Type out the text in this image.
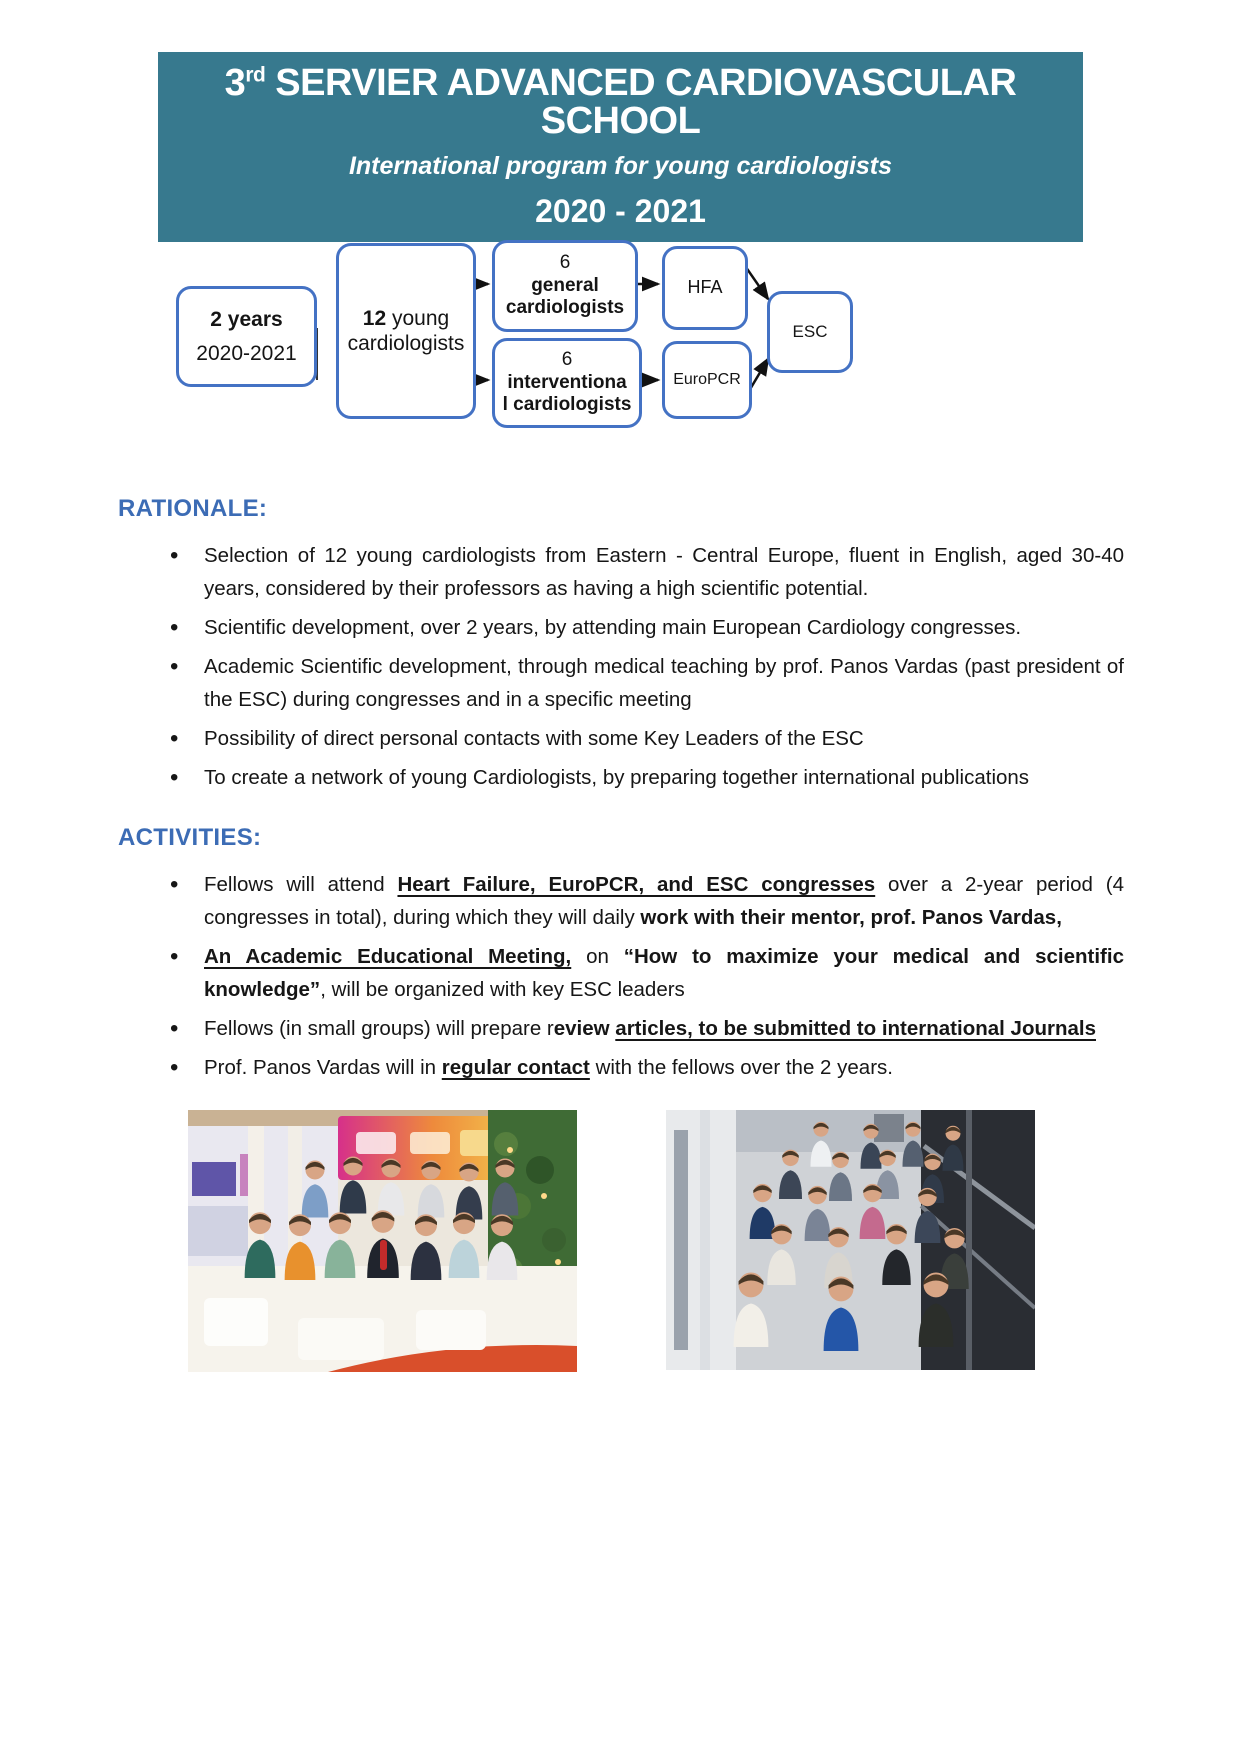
3rd SERVIER ADVANCED CARDIOVASCULAR SCHOOL
International program for young cardiologists
2020 - 2021
2 years
2020-2021
12 young
cardiologists
6
general
cardiologists
HFA
6
interventiona
l cardiologists
EuroPCR
ESC
RATIONALE:
• Selection of 12 young cardiologists from Eastern - Central Europe, fluent in English, aged 30-40 years, considered by their professors as having a high scientific potential.
• Scientific development, over 2 years, by attending main European Cardiology congresses.
• Academic Scientific development, through medical teaching by prof. Panos Vardas (past president of the ESC) during congresses and in a specific meeting
• Possibility of direct personal contacts with some Key Leaders of the ESC
• To create a network of young Cardiologists, by preparing together international publications
ACTIVITIES:
• Fellows will attend Heart Failure, EuroPCR, and ESC congresses over a 2-year period (4 congresses in total), during which they will daily work with their mentor, prof. Panos Vardas,
• An Academic Educational Meeting, on “How to maximize your medical and scientific knowledge”, will be organized with key ESC leaders
• Fellows (in small groups) will prepare review articles, to be submitted to international Journals
• Prof. Panos Vardas will in regular contact with the fellows over the 2 years.
